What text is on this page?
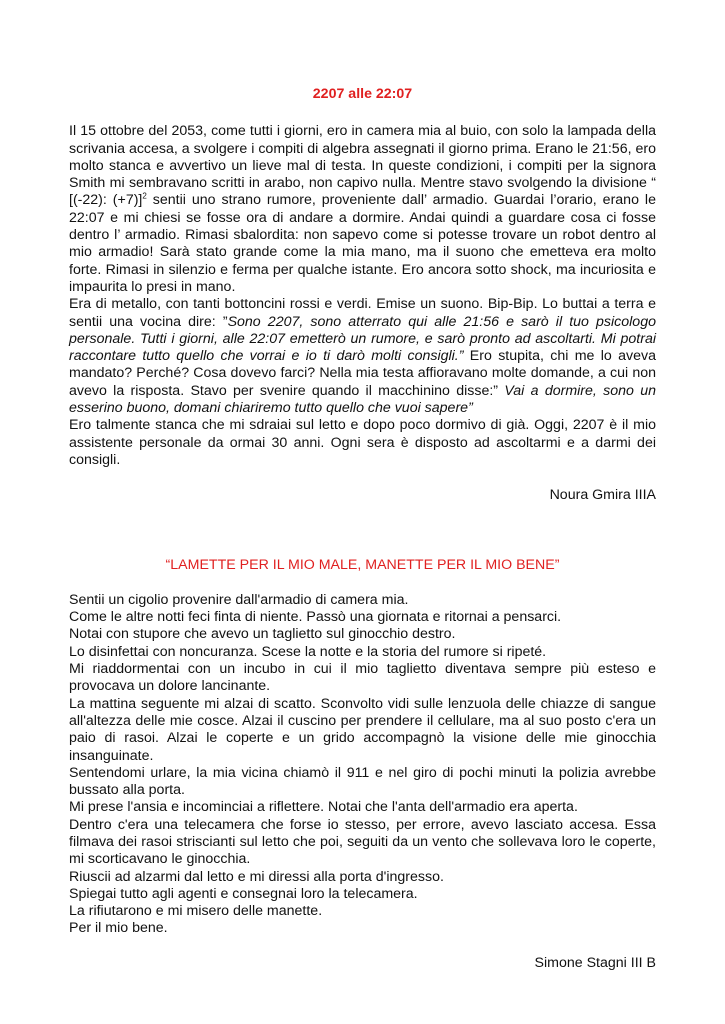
2207 alle 22:07

Il 15 ottobre del 2053, come tutti i giorni, ero in camera mia al buio, con solo la lampada della scrivania accesa, a svolgere i compiti di algebra assegnati il giorno prima. Erano le 21:56, ero molto stanca e avvertivo un lieve mal di testa. In queste condizioni, i compiti per la signora Smith mi sembravano scritti in arabo, non capivo nulla. Mentre stavo svolgendo la divisione “ [(-22): (+7)]$^2$ sentii uno strano rumore, proveniente dall’ armadio. Guardai l’orario, erano le 22:07 e mi chiesi se fosse ora di andare a dormire. Andai quindi a guardare cosa ci fosse dentro l’ armadio. Rimasi sbalordita: non sapevo come si potesse trovare un robot dentro al mio armadio! Sarà stato grande come la mia mano, ma il suono che emetteva era molto forte. Rimasi in silenzio e ferma per qualche istante. Ero ancora sotto shock, ma incuriosita e impaurita lo presi in mano.

Era di metallo, con tanti bottoncini rossi e verdi. Emise un suono. Bip-Bip. Lo buttai a terra e sentii una vocina dire: ”Sono 2207, sono atterrato qui alle 21:56 e sarò il tuo psicologo personale. Tutti i giorni, alle 22:07 emetterò un rumore, e sarò pronto ad ascoltarti. Mi potrai raccontare tutto quello che vorrai e io ti darò molti consigli.” Ero stupita, chi me lo aveva mandato? Perché? Cosa dovevo farci? Nella mia testa affioravano molte domande, a cui non avevo la risposta. Stavo per svenire quando il macchinino disse:” Vai a dormire, sono un esserino buono, domani chiariremo tutto quello che vuoi sapere”

Ero talmente stanca che mi sdraiai sul letto e dopo poco dormivo di già. Oggi, 2207 è il mio assistente personale da ormai 30 anni. Ogni sera è disposto ad ascoltarmi e a darmi dei consigli.

Noura Gmira IIIA

“LAMETTE PER IL MIO MALE, MANETTE PER IL MIO BENE”

Sentii un cigolio provenire dall'armadio di camera mia.

Come le altre notti feci finta di niente. Passò una giornata e ritornai a pensarci.

Notai con stupore che avevo un taglietto sul ginocchio destro.

Lo disinfettai con noncuranza. Scese la notte e la storia del rumore si ripeté.

Mi riaddormentai con un incubo in cui il mio taglietto diventava sempre più esteso e provocava un dolore lancinante.

La mattina seguente mi alzai di scatto. Sconvolto vidi sulle lenzuola delle chiazze di sangue all'altezza delle mie cosce. Alzai il cuscino per prendere il cellulare, ma al suo posto c'era un paio di rasoi. Alzai le coperte e un grido accompagnò la visione delle mie ginocchia insanguinate.

Sentendomi urlare, la mia vicina chiamò il 911 e nel giro di pochi minuti la polizia avrebbe bussato alla porta.

Mi prese l'ansia e incominciai a riflettere. Notai che l'anta dell'armadio era aperta.

Dentro c'era una telecamera che forse io stesso, per errore, avevo lasciato accesa. Essa filmava dei rasoi striscianti sul letto che poi, seguiti da un vento che sollevava loro le coperte, mi scorticavano le ginocchia.

Riuscii ad alzarmi dal letto e mi diressi alla porta d'ingresso.

Spiegai tutto agli agenti e consegnai loro la telecamera.

La rifiutarono e mi misero delle manette.

Per il mio bene.

Simone Stagni III B
